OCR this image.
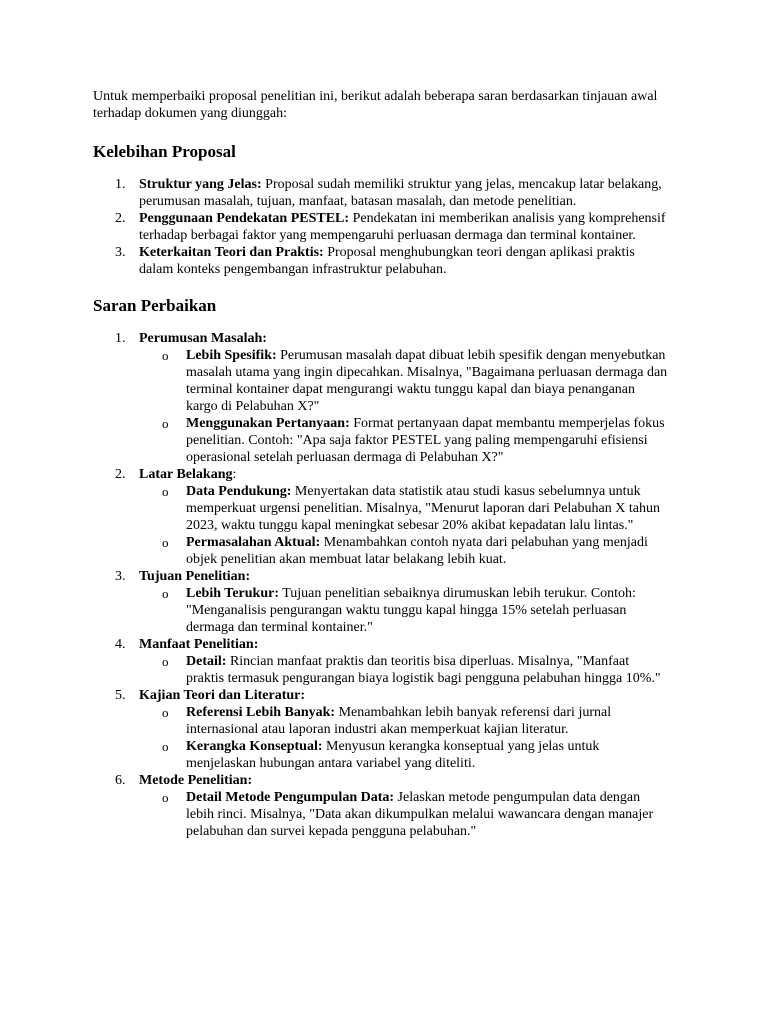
Untuk memperbaiki proposal penelitian ini, berikut adalah beberapa saran berdasarkan tinjauan awal terhadap dokumen yang diunggah:

Kelebihan Proposal
1. Struktur yang Jelas: Proposal sudah memiliki struktur yang jelas, mencakup latar belakang, perumusan masalah, tujuan, manfaat, batasan masalah, dan metode penelitian.
2. Penggunaan Pendekatan PESTEL: Pendekatan ini memberikan analisis yang komprehensif terhadap berbagai faktor yang mempengaruhi perluasan dermaga dan terminal kontainer.
3. Keterkaitan Teori dan Praktis: Proposal menghubungkan teori dengan aplikasi praktis dalam konteks pengembangan infrastruktur pelabuhan.
Saran Perbaikan
1. Perumusan Masalah:
o Lebih Spesifik: Perumusan masalah dapat dibuat lebih spesifik dengan menyebutkan masalah utama yang ingin dipecahkan. Misalnya, "Bagaimana perluasan dermaga dan terminal kontainer dapat mengurangi waktu tunggu kapal dan biaya penanganan kargo di Pelabuhan X?"
o Menggunakan Pertanyaan: Format pertanyaan dapat membantu memperjelas fokus penelitian. Contoh: "Apa saja faktor PESTEL yang paling mempengaruhi efisiensi operasional setelah perluasan dermaga di Pelabuhan X?"
2. Latar Belakang:
o Data Pendukung: Menyertakan data statistik atau studi kasus sebelumnya untuk memperkuat urgensi penelitian. Misalnya, "Menurut laporan dari Pelabuhan X tahun 2023, waktu tunggu kapal meningkat sebesar 20% akibat kepadatan lalu lintas."
o Permasalahan Aktual: Menambahkan contoh nyata dari pelabuhan yang menjadi objek penelitian akan membuat latar belakang lebih kuat.
3. Tujuan Penelitian:
o Lebih Terukur: Tujuan penelitian sebaiknya dirumuskan lebih terukur. Contoh: "Menganalisis pengurangan waktu tunggu kapal hingga 15% setelah perluasan dermaga dan terminal kontainer."
4. Manfaat Penelitian:
o Detail: Rincian manfaat praktis dan teoritis bisa diperluas. Misalnya, "Manfaat praktis termasuk pengurangan biaya logistik bagi pengguna pelabuhan hingga 10%."
5. Kajian Teori dan Literatur:
o Referensi Lebih Banyak: Menambahkan lebih banyak referensi dari jurnal internasional atau laporan industri akan memperkuat kajian literatur.
o Kerangka Konseptual: Menyusun kerangka konseptual yang jelas untuk menjelaskan hubungan antara variabel yang diteliti.
6. Metode Penelitian:
o Detail Metode Pengumpulan Data: Jelaskan metode pengumpulan data dengan lebih rinci. Misalnya, "Data akan dikumpulkan melalui wawancara dengan manajer pelabuhan dan survei kepada pengguna pelabuhan."
